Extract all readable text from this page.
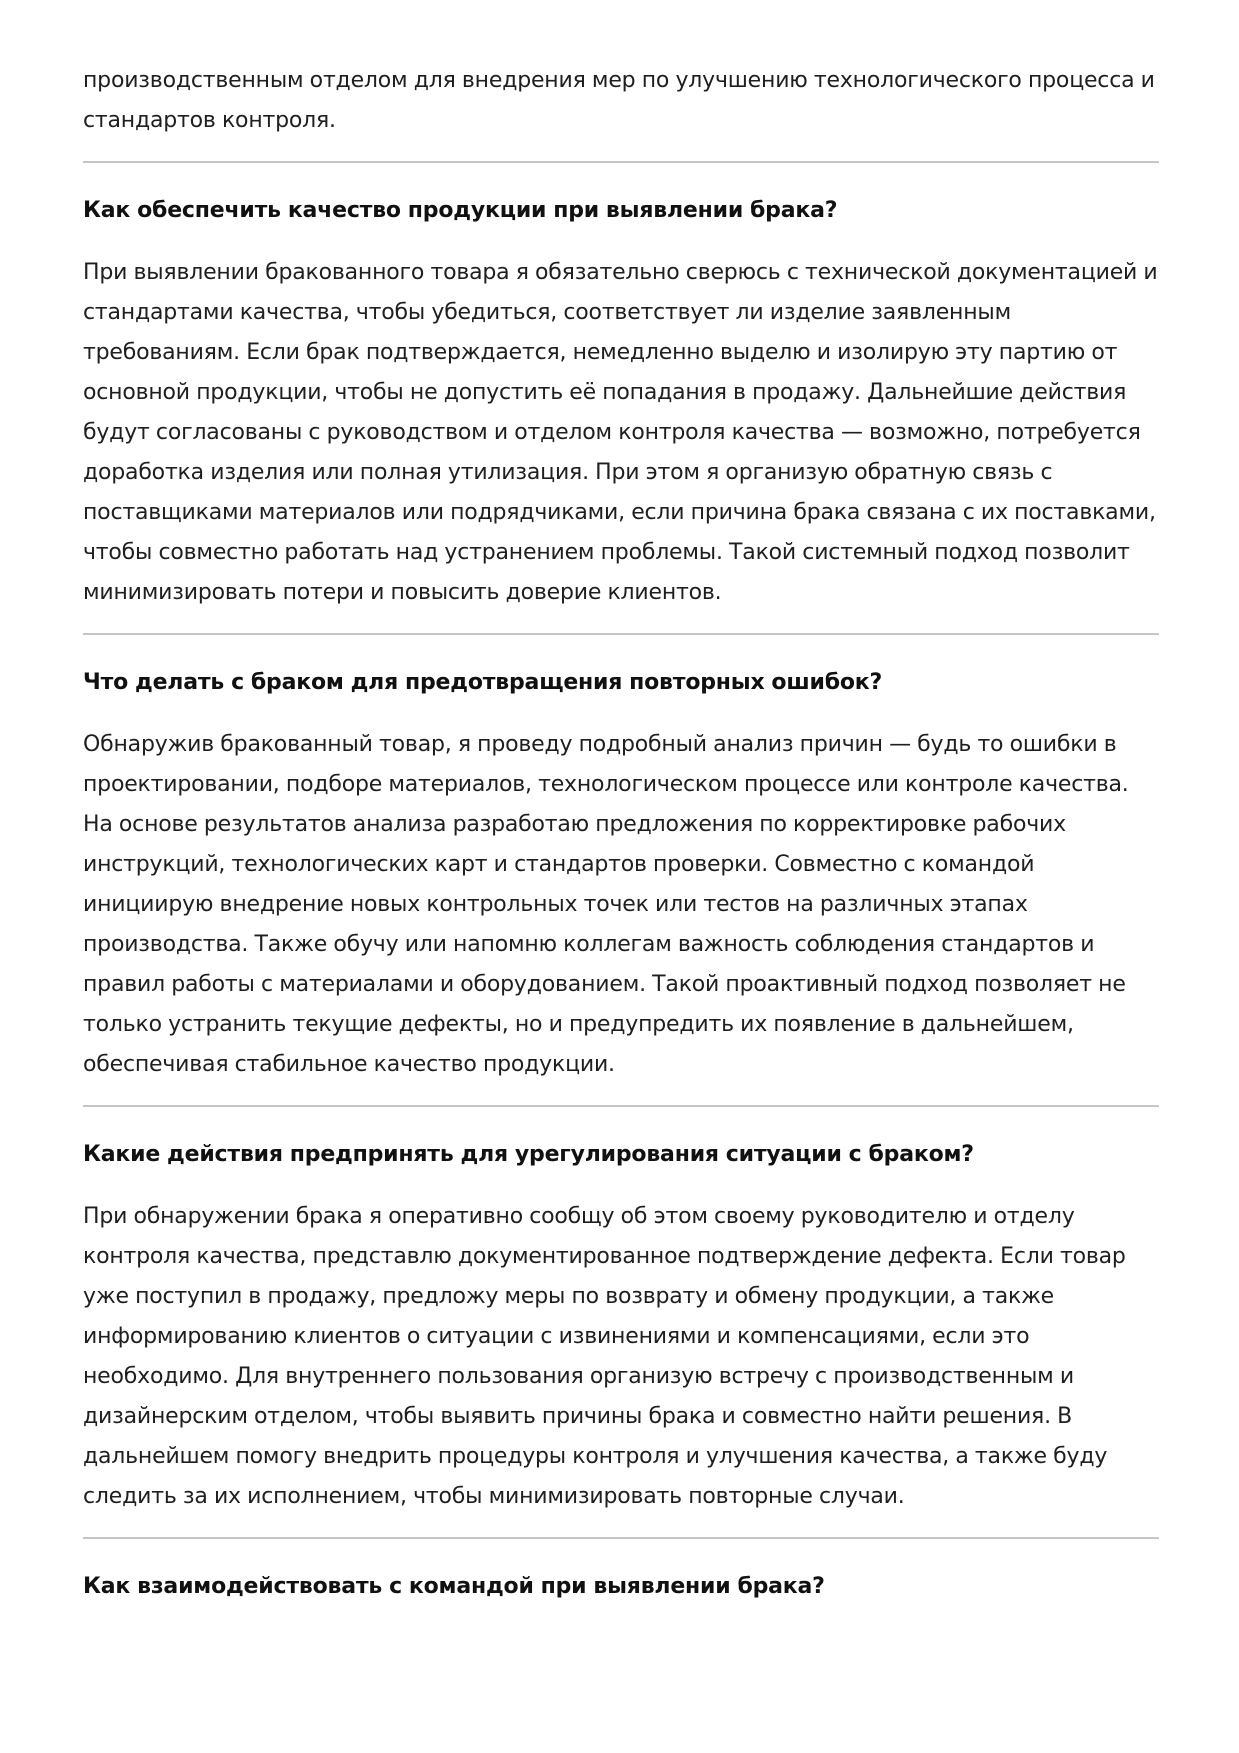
производственным отделом для внедрения мер по улучшению технологического процесса и стандартов контроля.

Как обеспечить качество продукции при выявлении брака?

При выявлении бракованного товара я обязательно сверюсь с технической документацией и стандартами качества, чтобы убедиться, соответствует ли изделие заявленным требованиям. Если брак подтверждается, немедленно выделю и изолирую эту партию от основной продукции, чтобы не допустить её попадания в продажу. Дальнейшие действия будут согласованы с руководством и отделом контроля качества — возможно, потребуется доработка изделия или полная утилизация. При этом я организую обратную связь с поставщиками материалов или подрядчиками, если причина брака связана с их поставками, чтобы совместно работать над устранением проблемы. Такой системный подход позволит минимизировать потери и повысить доверие клиентов.

Что делать с браком для предотвращения повторных ошибок?

Обнаружив бракованный товар, я проведу подробный анализ причин — будь то ошибки в проектировании, подборе материалов, технологическом процессе или контроле качества. На основе результатов анализа разработаю предложения по корректировке рабочих инструкций, технологических карт и стандартов проверки. Совместно с командой инициирую внедрение новых контрольных точек или тестов на различных этапах производства. Также обучу или напомню коллегам важность соблюдения стандартов и правил работы с материалами и оборудованием. Такой проактивный подход позволяет не только устранить текущие дефекты, но и предупредить их появление в дальнейшем, обеспечивая стабильное качество продукции.

Какие действия предпринять для урегулирования ситуации с браком?

При обнаружении брака я оперативно сообщу об этом своему руководителю и отделу контроля качества, представлю документированное подтверждение дефекта. Если товар уже поступил в продажу, предложу меры по возврату и обмену продукции, а также информированию клиентов о ситуации с извинениями и компенсациями, если это необходимо. Для внутреннего пользования организую встречу с производственным и дизайнерским отделом, чтобы выявить причины брака и совместно найти решения. В дальнейшем помогу внедрить процедуры контроля и улучшения качества, а также буду следить за их исполнением, чтобы минимизировать повторные случаи.

Как взаимодействовать с командой при выявлении брака?
